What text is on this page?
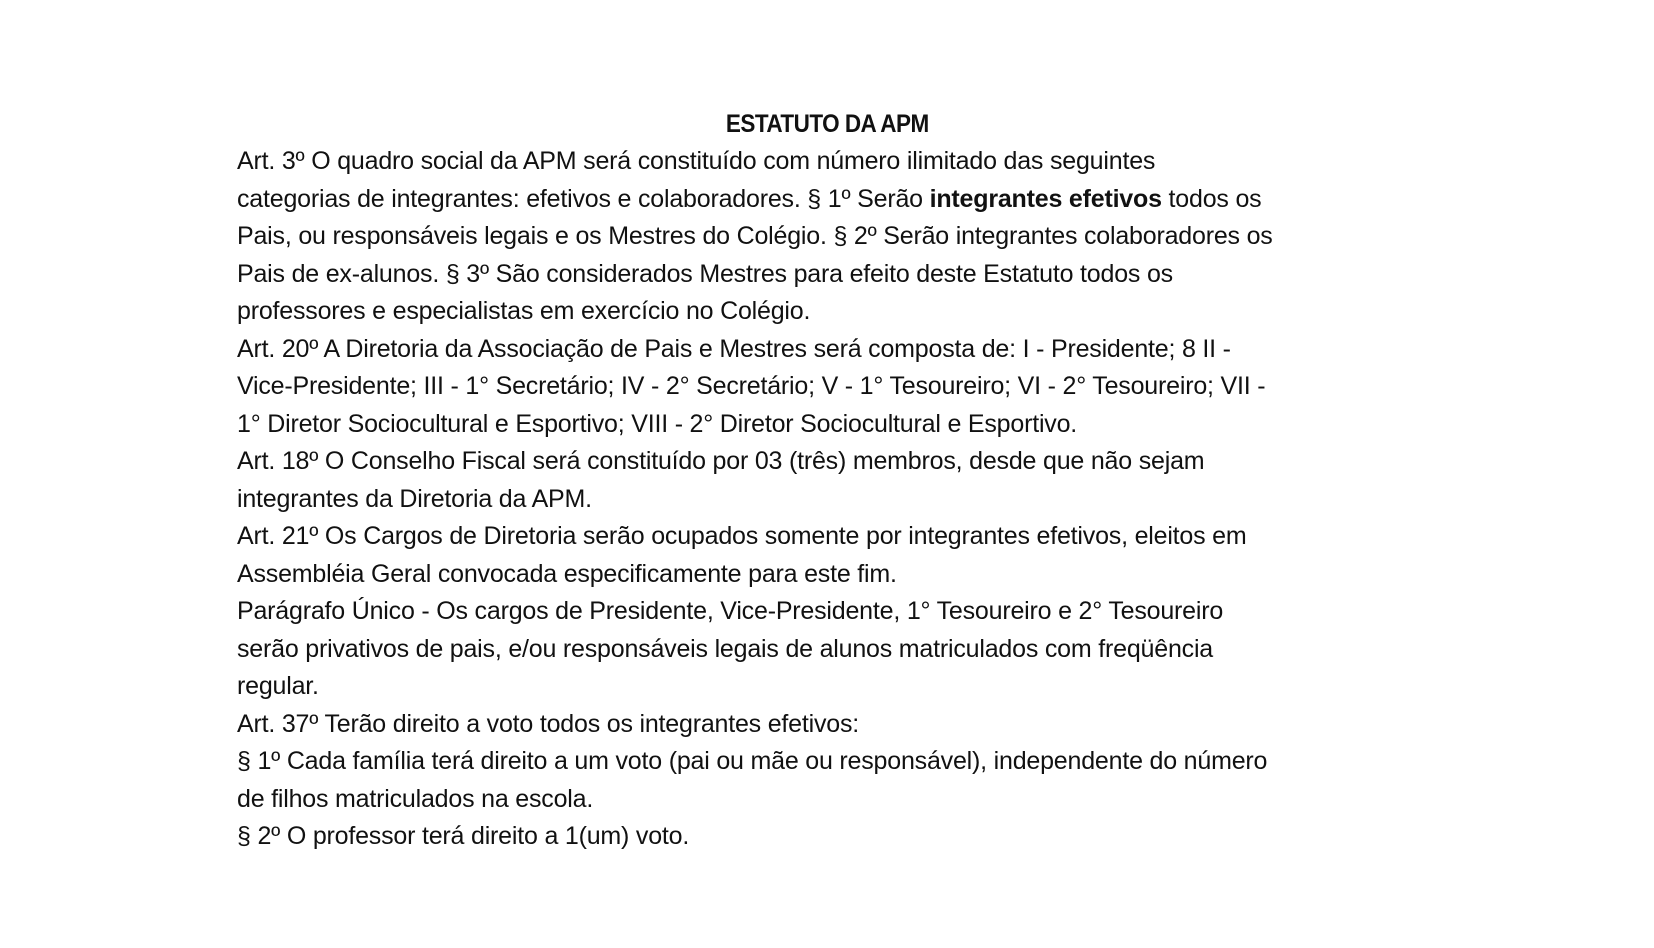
ESTATUTO DA APM
Art. 3º O quadro social da APM será constituído com número ilimitado das seguintes
categorias de integrantes: efetivos e colaboradores. § 1º Serão integrantes efetivos todos os
Pais, ou responsáveis legais e os Mestres do Colégio. § 2º Serão integrantes colaboradores os
Pais de ex-alunos. § 3º São considerados Mestres para efeito deste Estatuto todos os
professores e especialistas em exercício no Colégio.
Art. 20º A Diretoria da Associação de Pais e Mestres será composta de: I - Presidente; 8 II -
Vice-Presidente; III - 1° Secretário; IV - 2° Secretário; V - 1° Tesoureiro; VI - 2° Tesoureiro; VII -
1° Diretor Sociocultural e Esportivo; VIII - 2° Diretor Sociocultural e Esportivo.
Art. 18º O Conselho Fiscal será constituído por 03 (três) membros, desde que não sejam
integrantes da Diretoria da APM.
Art. 21º Os Cargos de Diretoria serão ocupados somente por integrantes efetivos, eleitos em
Assembléia Geral convocada especificamente para este fim.
Parágrafo Único - Os cargos de Presidente, Vice-Presidente, 1° Tesoureiro e 2° Tesoureiro
serão privativos de pais, e/ou responsáveis legais de alunos matriculados com freqüência
regular.
Art. 37º Terão direito a voto todos os integrantes efetivos:
§ 1º Cada família terá direito a um voto (pai ou mãe ou responsável), independente do número
de filhos matriculados na escola.
§ 2º O professor terá direito a 1(um) voto.
